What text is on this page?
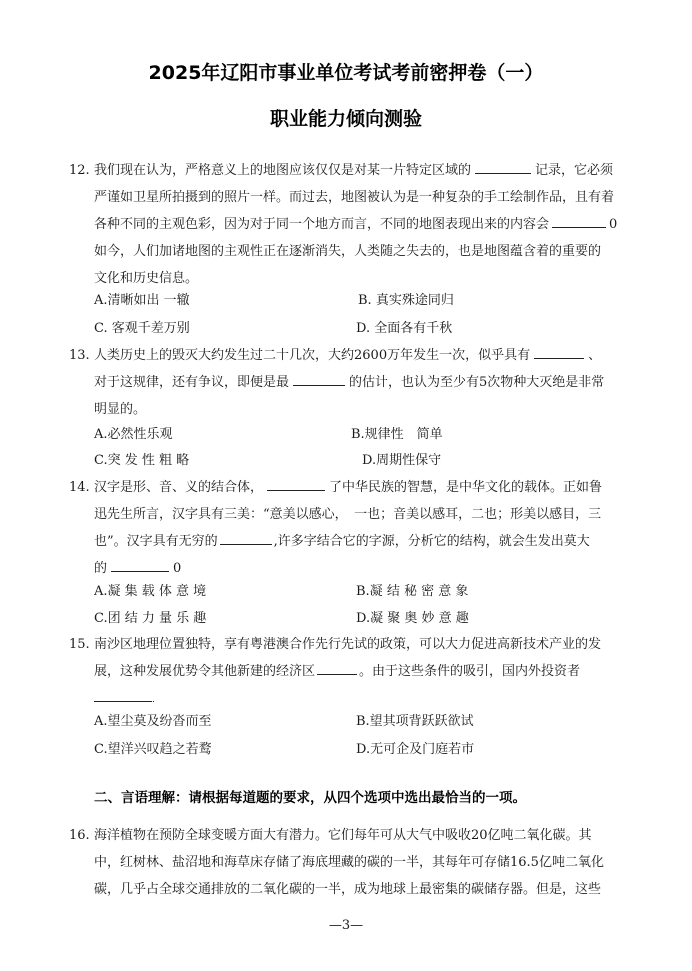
2025年辽阳市事业单位考试考前密押卷（一）
职业能力倾向测验
12. 我们现在认为，严格意义上的地图应该仅仅是对某一片特定区域的	记录，它必须
严谨如卫星所拍摄到的照片一样。而过去，地图被认为是一种复杂的手工绘制作品，且有着
各种不同的主观色彩，因为对于同一个地方而言，不同的地图表现出来的内容会	0
如今，人们加诸地图的主观性正在逐渐消失，人类随之失去的，也是地图蕴含着的重要的
文化和历史信息。
A.清晰如出 一辙	B. 真实殊途同归
C. 客观千差万别	D. 全面各有千秋
13. 人类历史上的毁灭大约发生过二十几次，大约2600万年发生一次，似乎具有	、
对于这规律，还有争议，即便是最	的估计，也认为至少有5次物种大灭绝是非常
明显的。
A.必然性乐观	B.规律性　简单
C.突 发 性 粗 略	D.周期性保守
14. 汉字是形、音、义的结合体，	了中华民族的智慧，是中华文化的载体。正如鲁
迅先生所言，汉字具有三美：“意美以感心，　一也；音美以感耳，二也；形美以感目，三
也”。汉字具有无穷的	,许多字结合它的字源，分析它的结构，就会生发出莫大
的	0
A.凝 集 载 体 意 境	B.凝 结 秘 密 意 象
C.团 结 力 量 乐 趣	D.凝 聚 奥 妙 意 趣
15. 南沙区地理位置独特，享有粤港澳合作先行先试的政策，可以大力促进高新技术产业的发
展，这种发展优势令其他新建的经济区	。由于这些条件的吸引，国内外投资者
.
A.望尘莫及纷沓而至	B.望其项背跃跃欲试
C.望洋兴叹趋之若鹜	D.无可企及门庭若市
二、言语理解：请根据每道题的要求，从四个选项中选出最恰当的一项。
16. 海洋植物在预防全球变暖方面大有潜力。它们每年可从大气中吸收20亿吨二氧化碳。其
中，红树林、盐沼地和海草床存储了海底埋藏的碳的一半，其每年可存储16.5亿吨二氧化
碳，几乎占全球交通排放的二氧化碳的一半，成为地球上最密集的碳储存器。但是，这些
—3—
